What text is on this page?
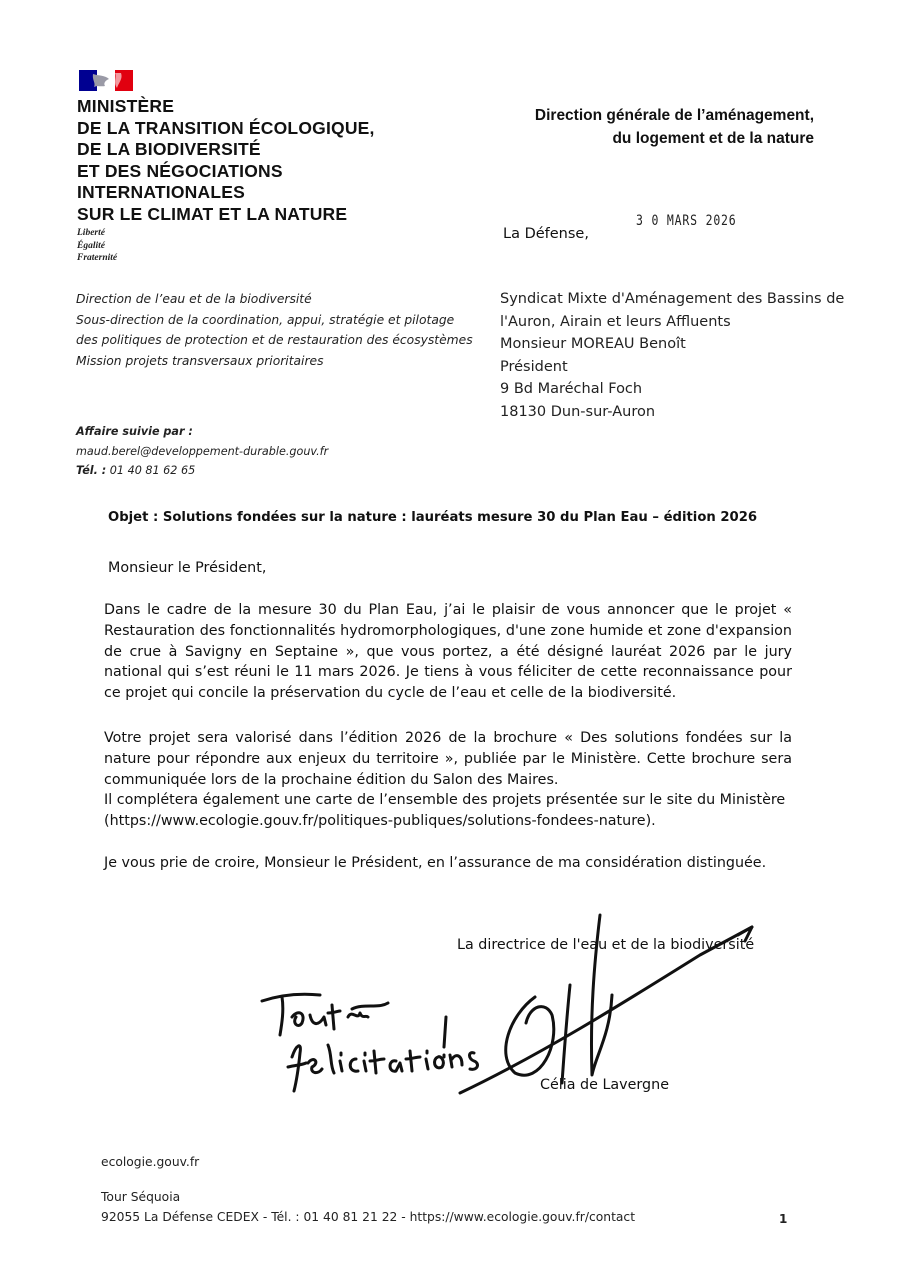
MINISTÈRE
DE LA TRANSITION ÉCOLOGIQUE,
DE LA BIODIVERSITÉ
ET DES NÉGOCIATIONS
INTERNATIONALES
SUR LE CLIMAT ET LA NATURE
Liberté
Égalité
Fraternité
Direction générale de l’aménagement,
du logement et de la nature
La Défense,
3 0 MARS 2026
Direction de l’eau et de la biodiversité
Sous-direction de la coordination, appui, stratégie et pilotage
des politiques de protection et de restauration des écosystèmes
Mission projets transversaux prioritaires
Syndicat Mixte d'Aménagement des Bassins de
l'Auron, Airain et leurs Affluents
Monsieur MOREAU Benoît
Président
9 Bd Maréchal Foch
18130 Dun-sur-Auron
Affaire suivie par :
maud.berel@developpement-durable.gouv.fr
Tél. : 01 40 81 62 65
Objet : Solutions fondées sur la nature : lauréats mesure 30 du Plan Eau – édition 2026
Monsieur le Président,
Dans le cadre de la mesure 30 du Plan Eau, j’ai le plaisir de vous annoncer que le projet « Restauration des fonctionnalités hydromorphologiques, d'une zone humide et zone d'expansion de crue à Savigny en Septaine », que vous portez, a été désigné lauréat 2026 par le jury national qui s’est réuni le 11 mars 2026. Je tiens à vous féliciter de cette reconnaissance pour ce projet qui concile la préservation du cycle de l’eau et celle de la biodiversité.
Votre projet sera valorisé dans l’édition 2026 de la brochure « Des solutions fondées sur la nature pour répondre aux enjeux du territoire », publiée par le Ministère. Cette brochure sera communiquée lors de la prochaine édition du Salon des Maires.
Il complétera également une carte de l’ensemble des projets présentée sur le site du Ministère
(https://www.ecologie.gouv.fr/politiques-publiques/solutions-fondees-nature).
Je vous prie de croire, Monsieur le Président, en l’assurance de ma considération distinguée.
La directrice de l'eau et de la biodiversité
Célia de Lavergne
ecologie.gouv.fr
Tour Séquoia
92055 La Défense CEDEX - Tél. : 01 40 81 21 22 - https://www.ecologie.gouv.fr/contact	1
